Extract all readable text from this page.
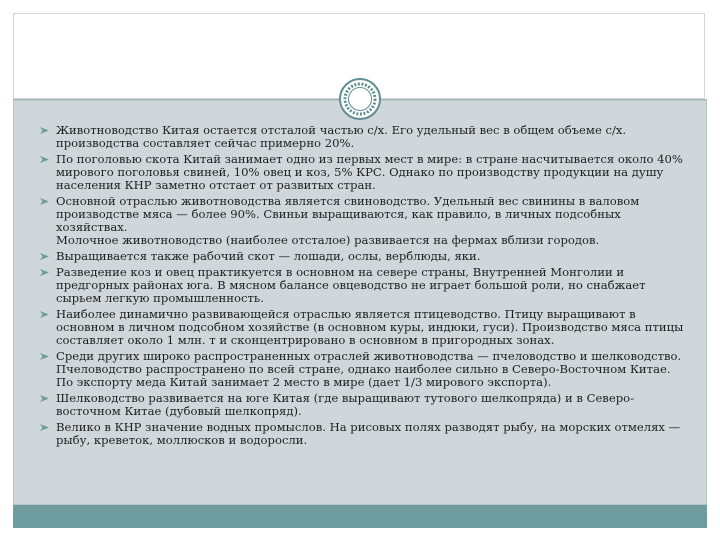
Животноводство Китая остается отсталой частью с/х. Его удельный вес в общем объеме с/х. производства составляет сейчас примерно 20%.

По поголовью скота Китай занимает одно из первых мест в мире: в стране насчитывается около 40% мирового поголовья свиней, 10% овец и коз, 5% КРС. Однако по производству продукции на душу населения КНР заметно отстает от развитых стран.

Основной отраслью животноводства является свиноводство. Удельный вес свинины в валовом производстве мяса — более 90%. Свиньи выращиваются, как правило, в личных подсобных хозяйствах.

Молочное животноводство (наиболее отсталое) развивается на фермах вблизи городов.

Выращивается также рабочий скот — лошади, ослы, верблюды, яки.

Разведение коз и овец практикуется в основном на севере страны, Внутренней Монголии и предгорных районах юга. В мясном балансе овцеводство не играет большой роли, но снабжает сырьем легкую промышленность.

Наиболее динамично развивающейся отраслью является птицеводство. Птицу выращивают в основном в личном подсобном хозяйстве (в основном куры, индюки, гуси). Производство мяса птицы составляет около 1 млн. т и сконцентрировано в основном в пригородных зонах.

Среди других широко распространенных отраслей животноводства — пчеловодство и шелководство. Пчеловодство распространено по всей стране, однако наиболее сильно в Северо-Восточном Китае. По экспорту меда Китай занимает 2 место в мире (дает 1/3 мирового экспорта).

Шелководство развивается на юге Китая (где выращивают тутового шелкопряда) и в Северо-восточном Китае (дубовый шелкопряд).

Велико в КНР значение водных промыслов. На рисовых полях разводят рыбу, на морских отмелях — рыбу, креветок, моллюсков и водоросли.
